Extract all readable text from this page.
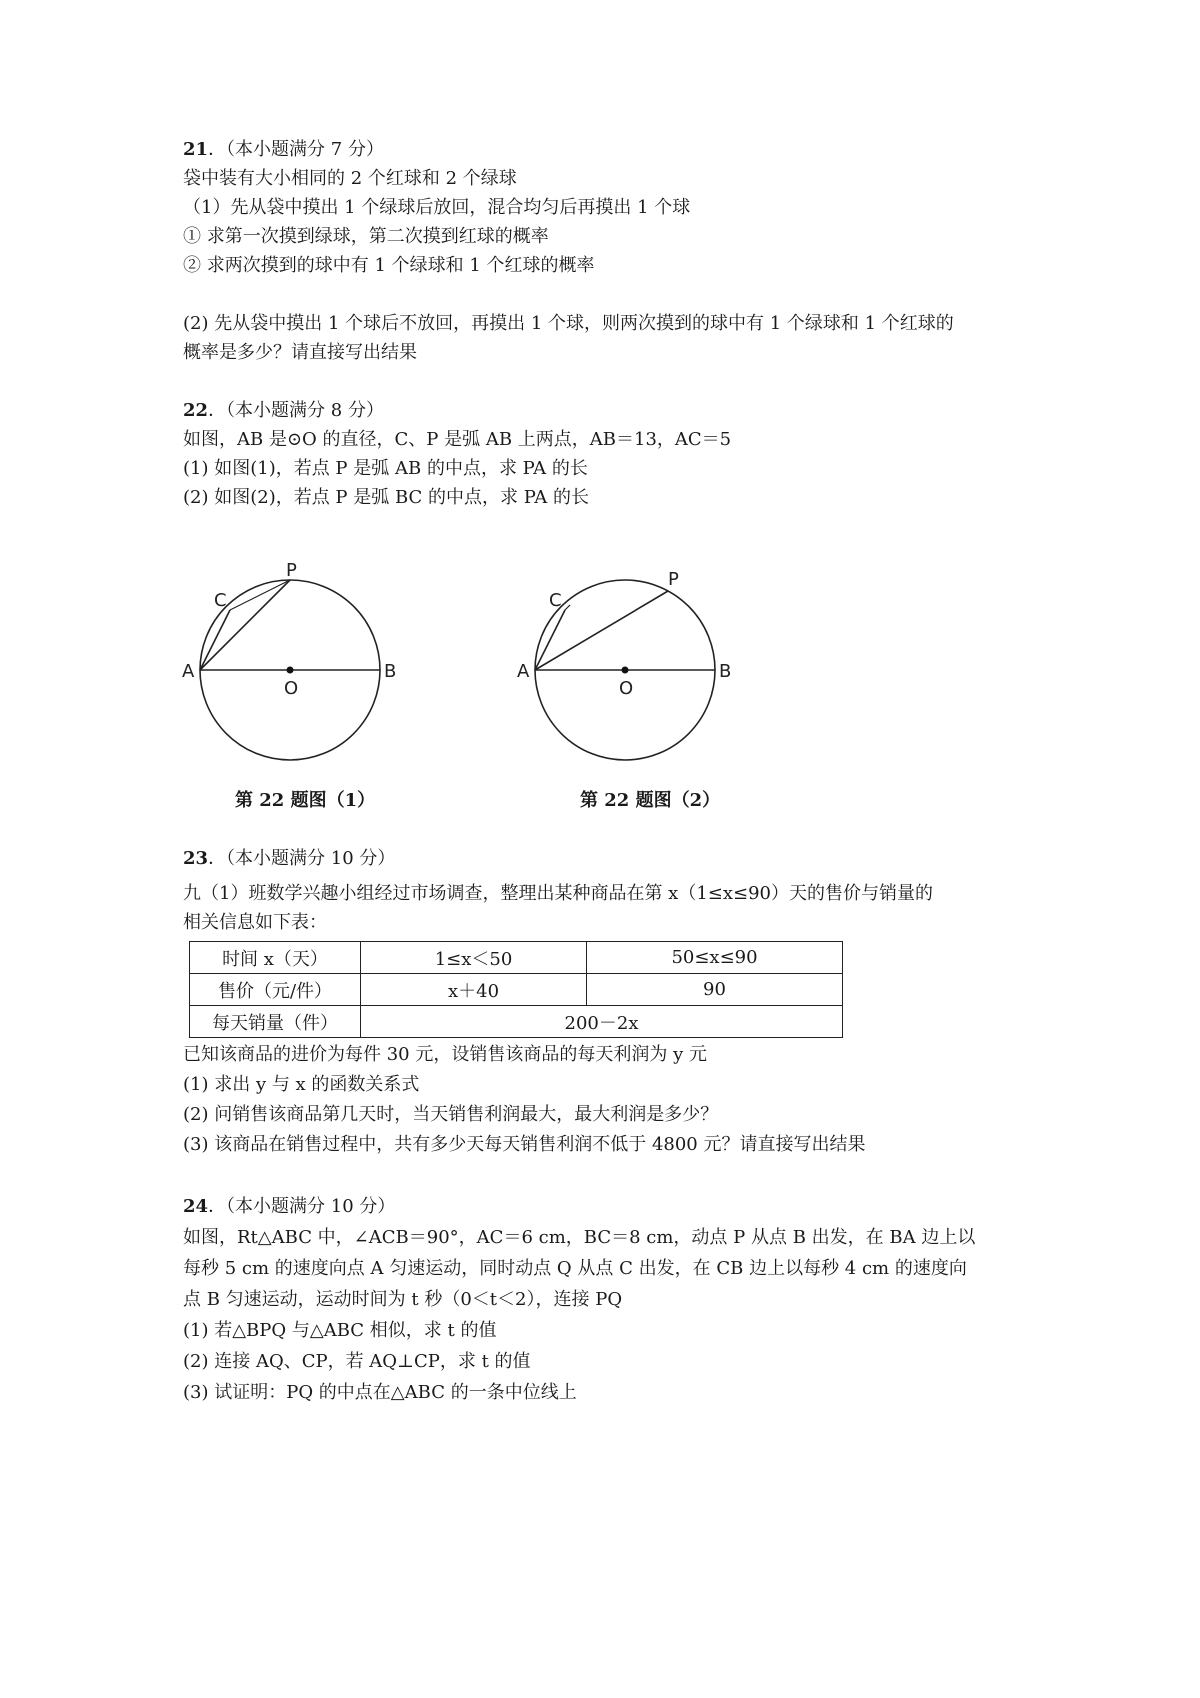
21．（本小题满分 7 分）
袋中装有大小相同的 2 个红球和 2 个绿球
（1）先从袋中摸出 1 个绿球后放回，混合均匀后再摸出 1 个球
① 求第一次摸到绿球，第二次摸到红球的概率
② 求两次摸到的球中有 1 个绿球和 1 个红球的概率
(2) 先从袋中摸出 1 个球后不放回，再摸出 1 个球，则两次摸到的球中有 1 个绿球和 1 个红球的
概率是多少？请直接写出结果
22．（本小题满分 8 分）
如图，AB 是⊙O 的直径，C、P 是弧 AB 上两点，AB＝13，AC＝5
(1) 如图(1)，若点 P 是弧 AB 的中点，求 PA 的长
(2) 如图(2)，若点 P 是弧 BC 的中点，求 PA 的长
A	B
C
O
P
第 22 题图（1）
A	B
C
O
P
第 22 题图（2）
23．（本小题满分 10 分）
九（1）班数学兴趣小组经过市场调查，整理出某种商品在第 x（1≤x≤90）天的售价与销量的
相关信息如下表：
时间 x（天）	1≤x＜50	50≤x≤90
售价（元/件）	x＋40	90
每天销量（件）	200－2x	
已知该商品的进价为每件 30 元，设销售该商品的每天利润为 y 元
(1) 求出 y 与 x 的函数关系式
(2) 问销售该商品第几天时，当天销售利润最大，最大利润是多少？
(3) 该商品在销售过程中，共有多少天每天销售利润不低于 4800 元？请直接写出结果
24．（本小题满分 10 分）
如图，Rt△ABC 中，∠ACB＝90°，AC＝6 cm，BC＝8 cm，动点 P 从点 B 出发，在 BA 边上以
每秒 5 cm 的速度向点 A 匀速运动，同时动点 Q 从点 C 出发，在 CB 边上以每秒 4 cm 的速度向
点 B 匀速运动，运动时间为 t 秒（0＜t＜2），连接 PQ
(1) 若△BPQ 与△ABC 相似，求 t 的值
(2) 连接 AQ、CP，若 AQ⊥CP，求 t 的值
(3) 试证明：PQ 的中点在△ABC 的一条中位线上
